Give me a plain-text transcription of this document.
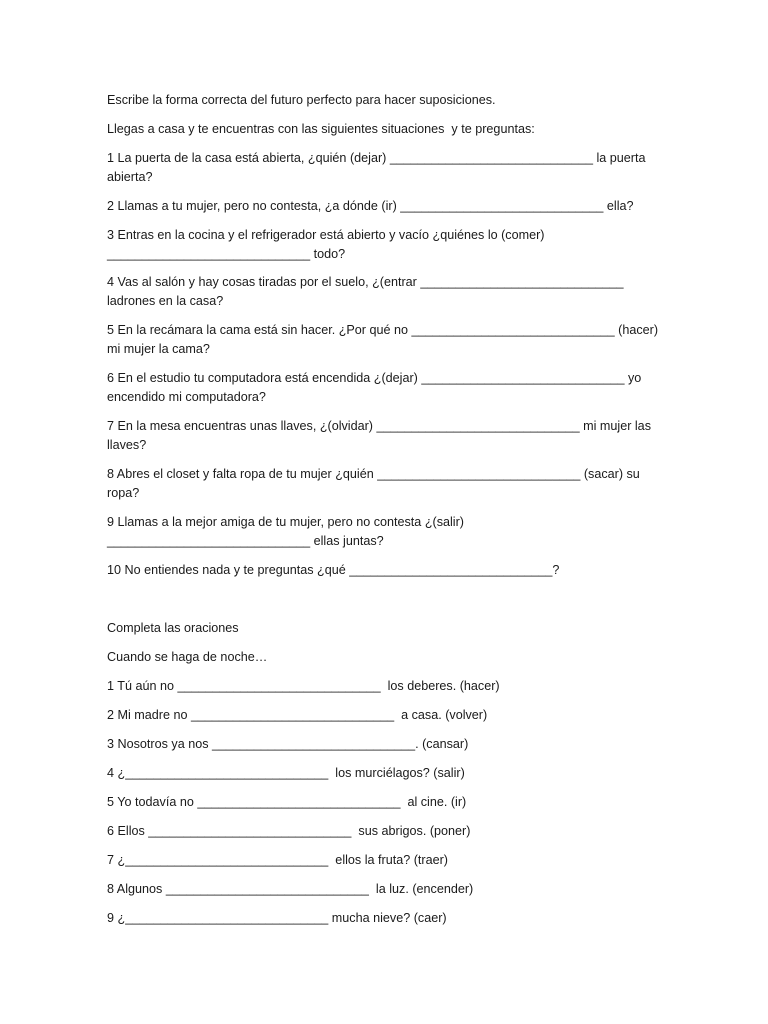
Escribe la forma correcta del futuro perfecto para hacer suposiciones.

Llegas a casa y te encuentras con las siguientes situaciones  y te preguntas:

1 La puerta de la casa está abierta, ¿quién (dejar) _____________________________ la puerta abierta?

2 Llamas a tu mujer, pero no contesta, ¿a dónde (ir) _____________________________ ella?

3 Entras en la cocina y el refrigerador está abierto y vacío ¿quiénes lo (comer) _____________________________ todo?

4 Vas al salón y hay cosas tiradas por el suelo, ¿(entrar _____________________________ ladrones en la casa?

5 En la recámara la cama está sin hacer. ¿Por qué no _____________________________ (hacer) mi mujer la cama?

6 En el estudio tu computadora está encendida ¿(dejar) _____________________________ yo encendido mi computadora?

7 En la mesa encuentras unas llaves, ¿(olvidar) _____________________________ mi mujer las llaves?

8 Abres el closet y falta ropa de tu mujer ¿quién _____________________________ (sacar) su ropa?

9 Llamas a la mejor amiga de tu mujer, pero no contesta ¿(salir) _____________________________ ellas juntas?

10 No entiendes nada y te preguntas ¿qué _____________________________?

Completa las oraciones

Cuando se haga de noche…

1 Tú aún no _____________________________  los deberes. (hacer)

2 Mi madre no _____________________________  a casa. (volver)

3 Nosotros ya nos _____________________________. (cansar)

4 ¿_____________________________  los murciélagos? (salir)

5 Yo todavía no _____________________________  al cine. (ir)

6 Ellos _____________________________  sus abrigos. (poner)

7 ¿_____________________________  ellos la fruta? (traer)

8 Algunos _____________________________  la luz. (encender)

9 ¿_____________________________ mucha nieve? (caer)
